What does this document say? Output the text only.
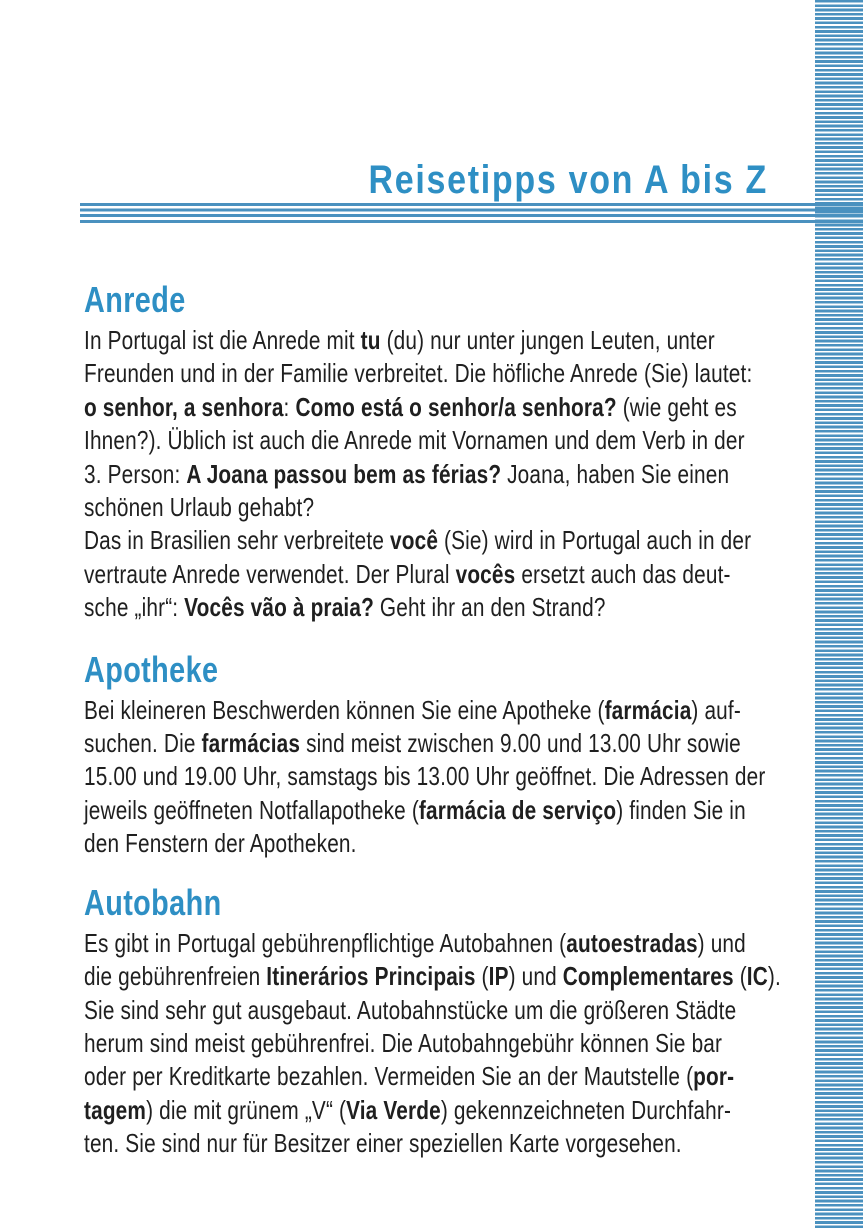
Reisetipps von A bis Z
Anrede
In Portugal ist die Anrede mit tu (du) nur unter jungen Leuten, unter
Freunden und in der Familie verbreitet. Die höfliche Anrede (Sie) lautet:
o senhor, a senhora: Como está o senhor/a senhora? (wie geht es
Ihnen?). Üblich ist auch die Anrede mit Vornamen und dem Verb in der
3. Person: A Joana passou bem as férias? Joana, haben Sie einen
schönen Urlaub gehabt?
Das in Brasilien sehr verbreitete você (Sie) wird in Portugal auch in der
vertraute Anrede verwendet. Der Plural vocês ersetzt auch das deut-
sche „ihr“: Vocês vão à praia? Geht ihr an den Strand?
Apotheke
Bei kleineren Beschwerden können Sie eine Apotheke (farmácia) auf-
suchen. Die farmácias sind meist zwischen 9.00 und 13.00 Uhr sowie
15.00 und 19.00 Uhr, samstags bis 13.00 Uhr geöffnet. Die Adressen der
jeweils geöffneten Notfallapotheke (farmácia de serviço) finden Sie in
den Fenstern der Apotheken.
Autobahn
Es gibt in Portugal gebührenpflichtige Autobahnen (autoestradas) und
die gebührenfreien Itinerários Principais (IP) und Complementares (IC).
Sie sind sehr gut ausgebaut. Autobahnstücke um die größeren Städte
herum sind meist gebührenfrei. Die Autobahngebühr können Sie bar
oder per Kreditkarte bezahlen. Vermeiden Sie an der Mautstelle (por-
tagem) die mit grünem „V“ (Via Verde) gekennzeichneten Durchfahr-
ten. Sie sind nur für Besitzer einer speziellen Karte vorgesehen.
